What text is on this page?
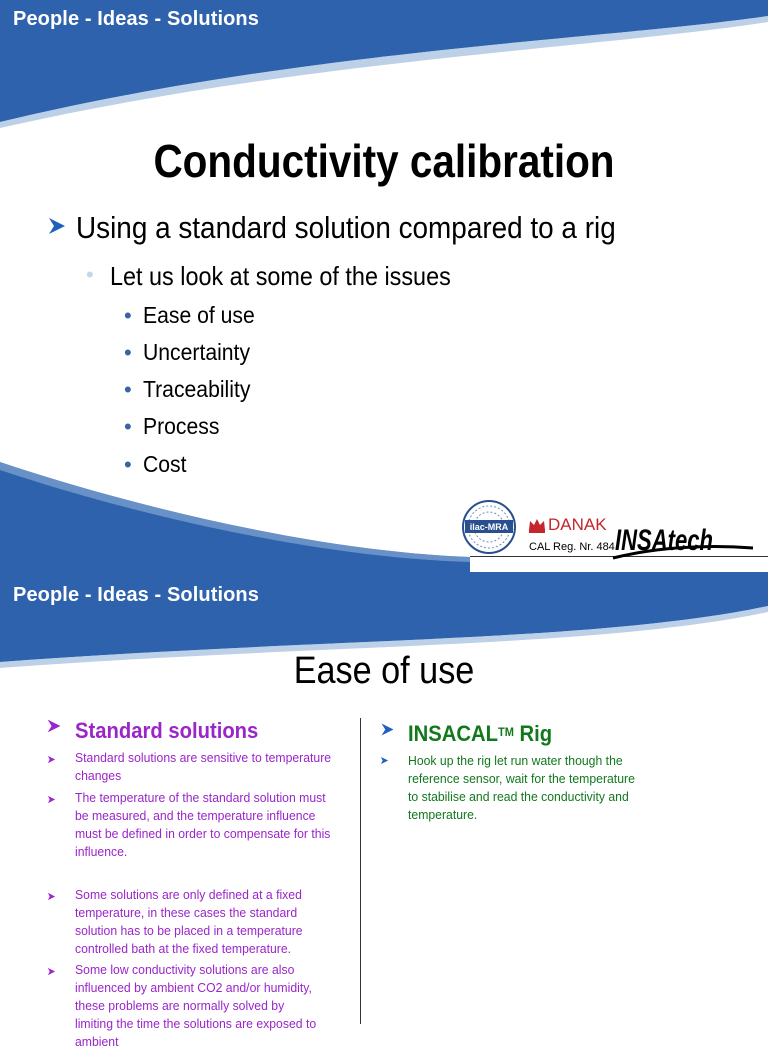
People - Ideas - Solutions
Conductivity calibration
Using a standard solution compared to a rig
• Let us look at some of the issues
• Ease of use
• Uncertainty
• Traceability
• Process
• Cost
ilac-MRA DANAK
CAL Reg. Nr. 484 INSAtech
People - Ideas - Solutions
Ease of use
Standard solutions
Standard solutions are sensitive to temperature changes
The temperature of the standard solution must be measured, and the temperature influence must be defined in order to compensate for this influence.
Some solutions are only defined at a fixed temperature, in these cases the standard solution has to be placed in a temperature controlled bath at the fixed temperature.
Some low conductivity solutions are also influenced by ambient CO2 and/or humidity, these problems are normally solved by limiting the time the solutions are exposed to ambient
INSACAL™ Rig
Hook up the rig let run water though the reference sensor, wait for the temperature to stabilise and read the conductivity and temperature.
